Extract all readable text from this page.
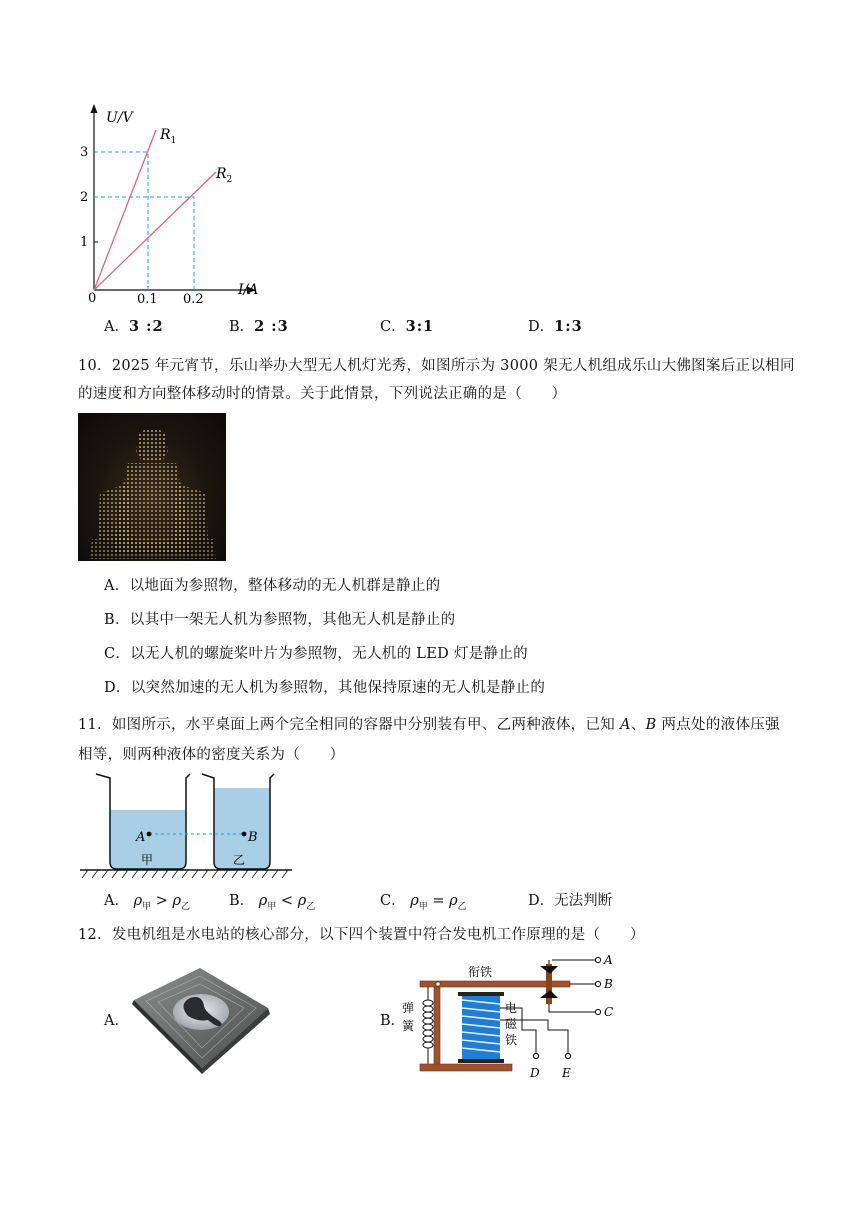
U/V
I/A
0
1
2
3
0.1 0.2
$R_1$
$R_2$
A．3 :2	B．2 :3	C．3:1	D．1:3
10．2025 年元宵节，乐山举办大型无人机灯光秀，如图所示为 3000 架无人机组成乐山大佛图案后正以相同
的速度和方向整体移动时的情景。关于此情景，下列说法正确的是（　　）
A．以地面为参照物，整体移动的无人机群是静止的
B．以其中一架无人机为参照物，其他无人机是静止的
C．以无人机的螺旋桨叶片为参照物，无人机的 LED 灯是静止的
D．以突然加速的无人机为参照物，其他保持原速的无人机是静止的
11．如图所示，水平桌面上两个完全相同的容器中分别装有甲、乙两种液体，已知 A、B 两点处的液体压强
相等，则两种液体的密度关系为（　　）
A	B
甲	乙
A． $\rho_甲 > \rho_乙$	B． $\rho_甲 < \rho_乙$	C． $\rho_甲 = \rho_乙$	D．无法判断
12．发电机组是水电站的核心部分，以下四个装置中符合发电机工作原理的是（　　）
A．	B．
衔铁
弹
簧
电
磁
铁
A
B
C
D E
